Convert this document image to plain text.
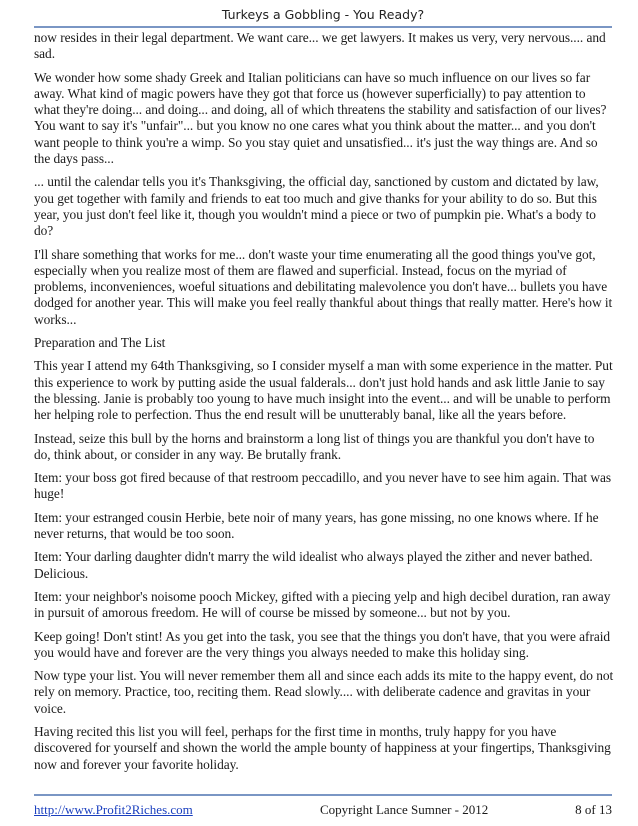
Turkeys a Gobbling - You Ready?

now resides in their legal department. We want care... we get lawyers. It makes us very, very nervous.... and sad.

We wonder how some shady Greek and Italian politicians can have so much influence on our lives so far away. What kind of magic powers have they got that force us (however superficially) to pay attention to what they're doing... and doing... and doing, all of which threatens the stability and satisfaction of our lives? You want to say it's "unfair"... but you know no one cares what you think about the matter... and you don't want people to think you're a wimp. So you stay quiet and unsatisfied... it's just the way things are. And so the days pass...

... until the calendar tells you it's Thanksgiving, the official day, sanctioned by custom and dictated by law, you get together with family and friends to eat too much and give thanks for your ability to do so. But this year, you just don't feel like it, though you wouldn't mind a piece or two of pumpkin pie. What's a body to do?

I'll share something that works for me... don't waste your time enumerating all the good things you've got, especially when you realize most of them are flawed and superficial. Instead, focus on the myriad of problems, inconveniences, woeful situations and debilitating malevolence you don't have... bullets you have dodged for another year. This will make you feel really thankful about things that really matter. Here's how it works...

Preparation and The List

This year I attend my 64th Thanksgiving, so I consider myself a man with some experience in the matter. Put this experience to work by putting aside the usual falderals... don't just hold hands and ask little Janie to say the blessing. Janie is probably too young to have much insight into the event... and will be unable to perform her helping role to perfection. Thus the end result will be unutterably banal, like all the years before.

Instead, seize this bull by the horns and brainstorm a long list of things you are thankful you don't have to do, think about, or consider in any way. Be brutally frank.

Item: your boss got fired because of that restroom peccadillo, and you never have to see him again. That was huge!

Item: your estranged cousin Herbie, bete noir of many years, has gone missing, no one knows where. If he never returns, that would be too soon.

Item: Your darling daughter didn't marry the wild idealist who always played the zither and never bathed. Delicious.

Item: your neighbor's noisome pooch Mickey, gifted with a piecing yelp and high decibel duration, ran away in pursuit of amorous freedom. He will of course be missed by someone... but not by you.

Keep going! Don't stint! As you get into the task, you see that the things you don't have, that you were afraid you would have and forever are the very things you always needed to make this holiday sing.

Now type your list. You will never remember them all and since each adds its mite to the happy event, do not rely on memory. Practice, too, reciting them. Read slowly.... with deliberate cadence and gravitas in your voice.

Having recited this list you will feel, perhaps for the first time in months, truly happy for you have discovered for yourself and shown the world the ample bounty of happiness at your fingertips, Thanksgiving now and forever your favorite holiday.

http://www.Profit2Riches.com	Copyright Lance Sumner - 2012	8 of 13
